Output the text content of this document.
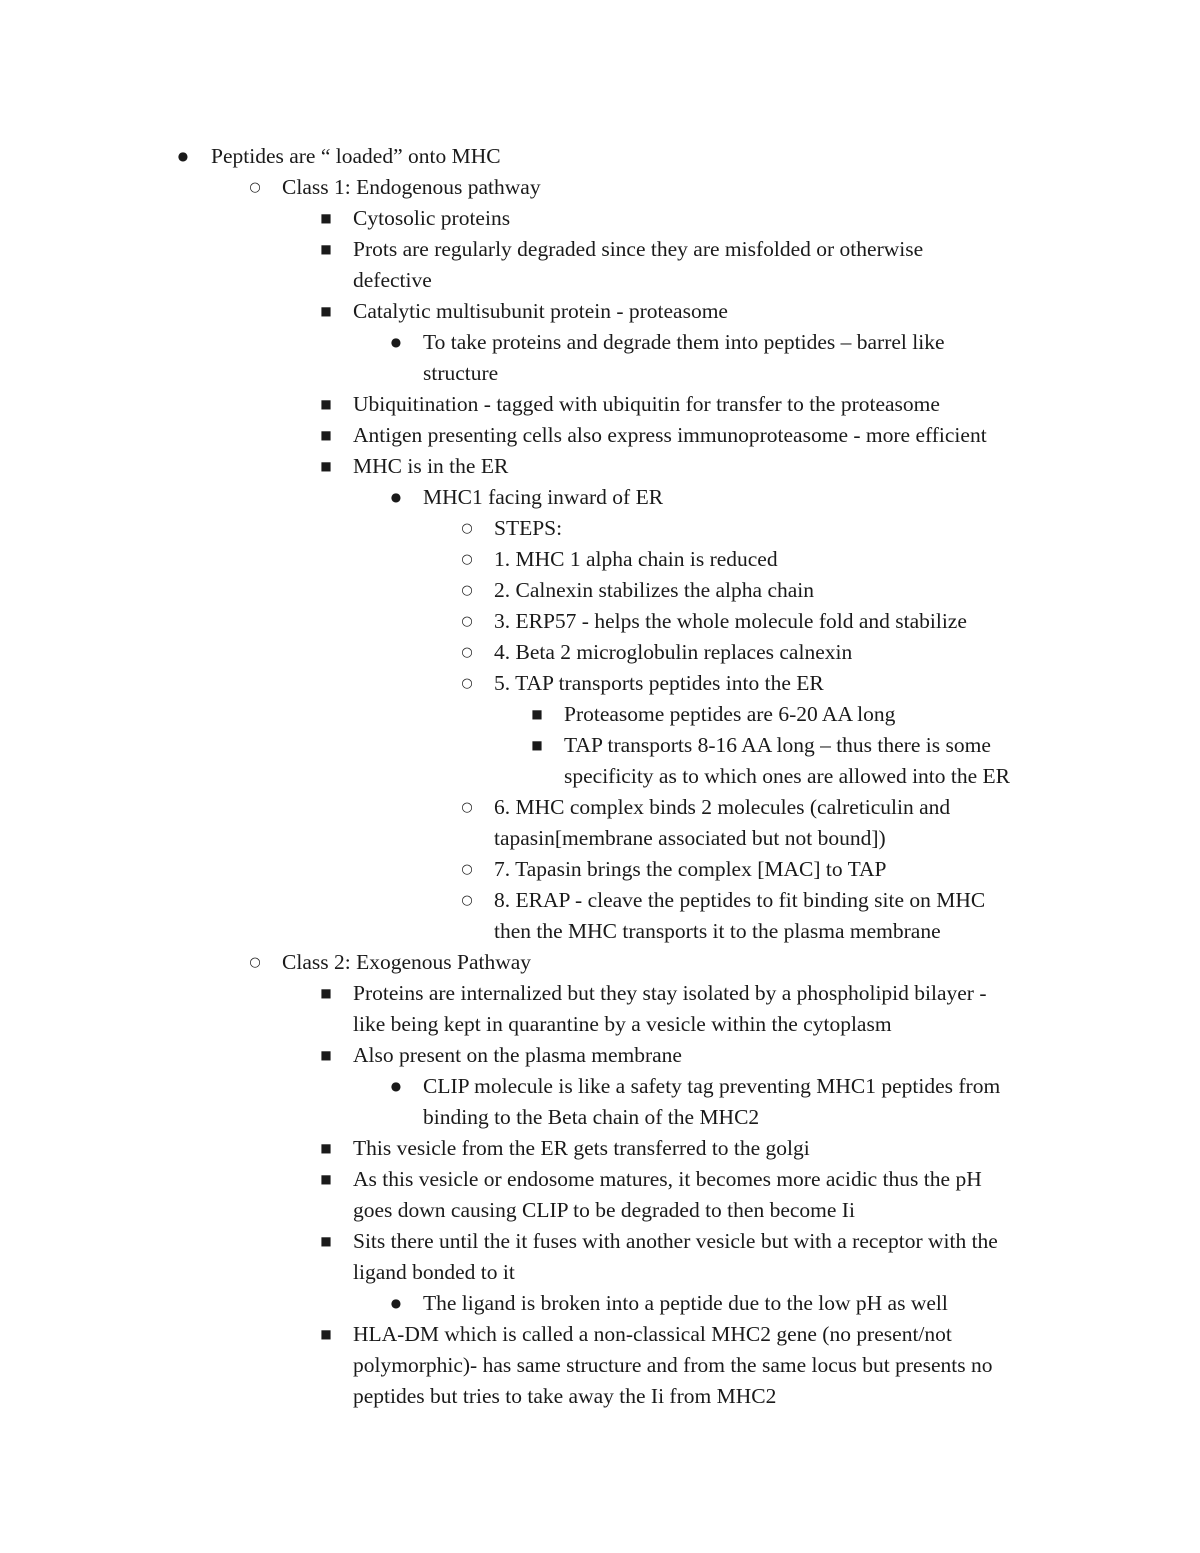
● Peptides are “ loaded” onto MHC
○ Class 1: Endogenous pathway
■ Cytosolic proteins
■ Prots are regularly degraded since they are misfolded or otherwise
defective
■ Catalytic multisubunit protein - proteasome
● To take proteins and degrade them into peptides – barrel like
structure
■ Ubiquitination - tagged with ubiquitin for transfer to the proteasome
■ Antigen presenting cells also express immunoproteasome - more efficient
■ MHC is in the ER
● MHC1 facing inward of ER
○ STEPS:
○ 1. MHC 1 alpha chain is reduced
○ 2. Calnexin stabilizes the alpha chain
○ 3. ERP57 - helps the whole molecule fold and stabilize
○ 4. Beta 2 microglobulin replaces calnexin
○ 5. TAP transports peptides into the ER
■ Proteasome peptides are 6-20 AA long
■ TAP transports 8-16 AA long – thus there is some
specificity as to which ones are allowed into the ER
○ 6. MHC complex binds 2 molecules (calreticulin and
tapasin[membrane associated but not bound])
○ 7. Tapasin brings the complex [MAC] to TAP
○ 8. ERAP - cleave the peptides to fit binding site on MHC
then the MHC transports it to the plasma membrane
○ Class 2: Exogenous Pathway
■ Proteins are internalized but they stay isolated by a phospholipid bilayer -
like being kept in quarantine by a vesicle within the cytoplasm
■ Also present on the plasma membrane
● CLIP molecule is like a safety tag preventing MHC1 peptides from
binding to the Beta chain of the MHC2
■ This vesicle from the ER gets transferred to the golgi
■ As this vesicle or endosome matures, it becomes more acidic thus the pH
goes down causing CLIP to be degraded to then become Ii
■ Sits there until the it fuses with another vesicle but with a receptor with the
ligand bonded to it
● The ligand is broken into a peptide due to the low pH as well
■ HLA-DM which is called a non-classical MHC2 gene (no present/not
polymorphic)- has same structure and from the same locus but presents no
peptides but tries to take away the Ii from MHC2
